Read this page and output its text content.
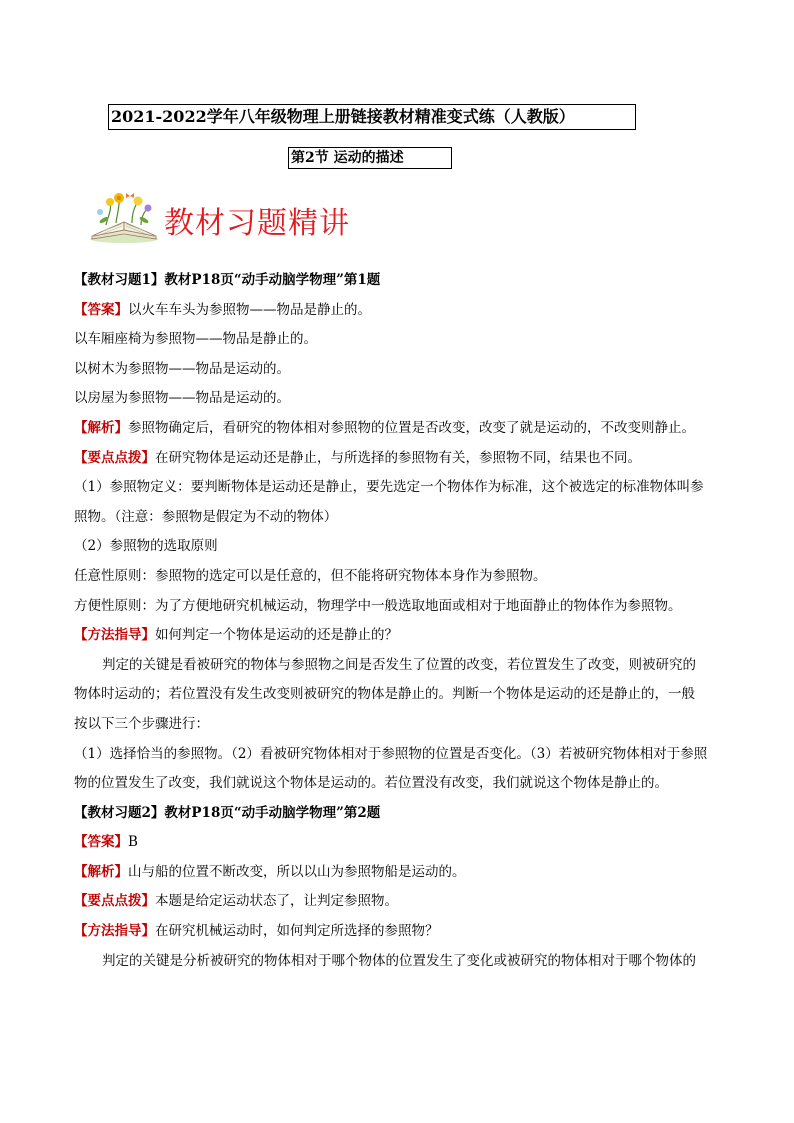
2021-2022学年八年级物理上册链接教材精准变式练（人教版）
第2节 运动的描述
教材习题精讲
【教材习题1】教材P18页“动手动脑学物理”第1题
【答案】以火车车头为参照物——物品是静止的。
以车厢座椅为参照物——物品是静止的。
以树木为参照物——物品是运动的。
以房屋为参照物——物品是运动的。
【解析】参照物确定后，看研究的物体相对参照物的位置是否改变，改变了就是运动的，不改变则静止。
【要点点拨】在研究物体是运动还是静止，与所选择的参照物有关，参照物不同，结果也不同。
（1）参照物定义：要判断物体是运动还是静止，要先选定一个物体作为标准，这个被选定的标准物体叫参
照物。（注意：参照物是假定为不动的物体）
（2）参照物的选取原则
任意性原则：参照物的选定可以是任意的，但不能将研究物体本身作为参照物。
方便性原则：为了方便地研究机械运动，物理学中一般选取地面或相对于地面静止的物体作为参照物。
【方法指导】如何判定一个物体是运动的还是静止的？
判定的关键是看被研究的物体与参照物之间是否发生了位置的改变，若位置发生了改变，则被研究的
物体时运动的；若位置没有发生改变则被研究的物体是静止的。判断一个物体是运动的还是静止的，一般
按以下三个步骤进行：
（1）选择恰当的参照物。（2）看被研究物体相对于参照物的位置是否变化。（3）若被研究物体相对于参照
物的位置发生了改变，我们就说这个物体是运动的。若位置没有改变，我们就说这个物体是静止的。
【教材习题2】教材P18页“动手动脑学物理”第2题
【答案】B
【解析】山与船的位置不断改变，所以以山为参照物船是运动的。
【要点点拨】本题是给定运动状态了，让判定参照物。
【方法指导】在研究机械运动时，如何判定所选择的参照物？
判定的关键是分析被研究的物体相对于哪个物体的位置发生了变化或被研究的物体相对于哪个物体的
